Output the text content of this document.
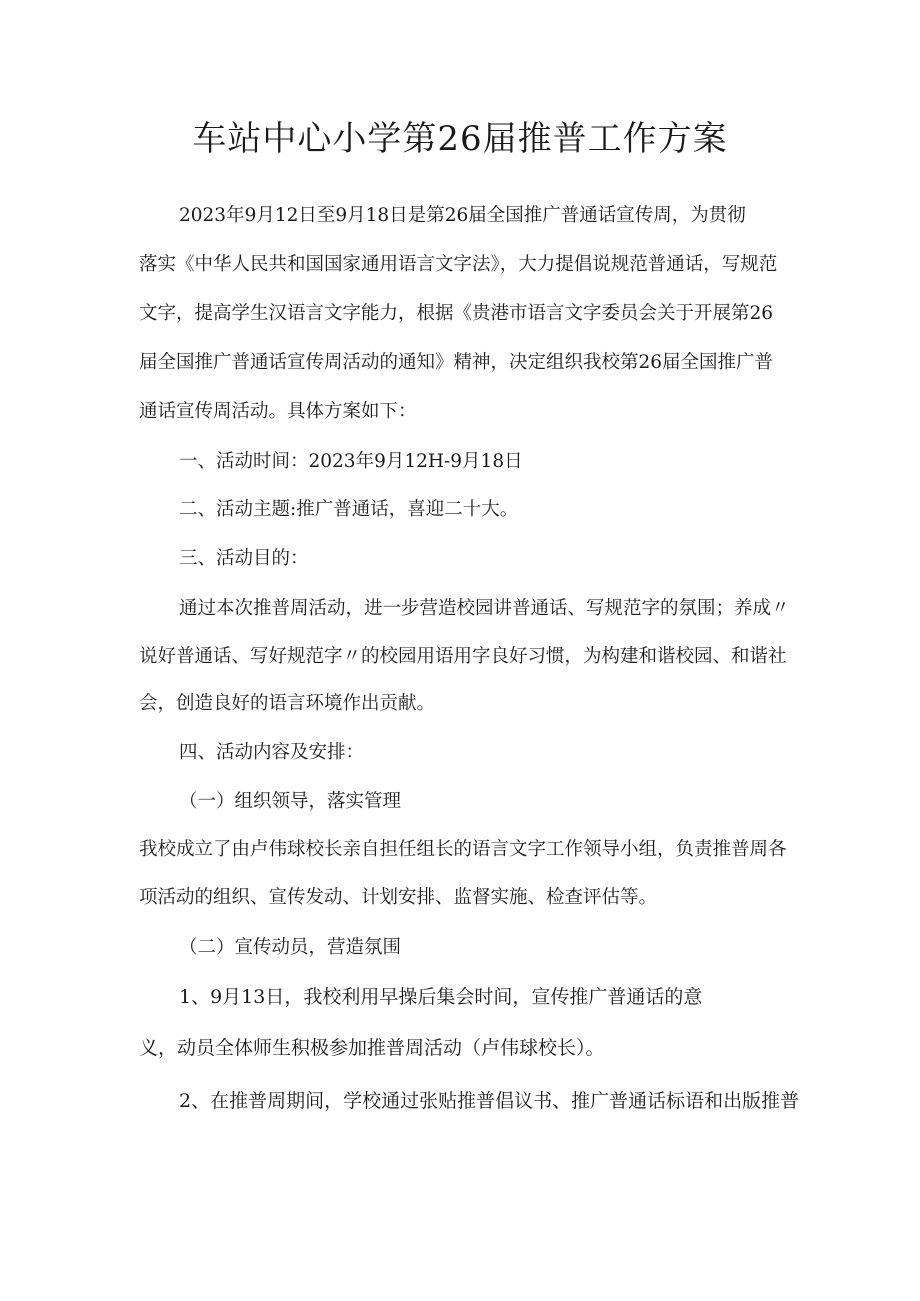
车站中心小学第26届推普工作方案
2023年9月12日至9月18日是第26届全国推广普通话宣传周，为贯彻
落实《中华人民共和国国家通用语言文字法》，大力提倡说规范普通话，写规范
文字，提高学生汉语言文字能力，根据《贵港市语言文字委员会关于开展第26
届全国推广普通话宣传周活动的通知》精神，决定组织我校第26届全国推广普
通话宣传周活动。具体方案如下：
一、活动时间：2023年9月12H-9月18日
二、活动主题:推广普通话，喜迎二十大。
三、活动目的：
通过本次推普周活动，进一步营造校园讲普通话、写规范字的氛围；养成〃
说好普通话、写好规范字〃的校园用语用字良好习惯，为构建和谐校园、和谐社
会，创造良好的语言环境作出贡献。
四、活动内容及安排：
（一）组织领导，落实管理
我校成立了由卢伟球校长亲自担任组长的语言文字工作领导小组，负责推普周各
项活动的组织、宣传发动、计划安排、监督实施、检查评估等。
（二）宣传动员，营造氛围
1、9月13日，我校利用早操后集会时间，宣传推广普通话的意
义，动员全体师生积极参加推普周活动（卢伟球校长）。
2、在推普周期间，学校通过张贴推普倡议书、推广普通话标语和出版推普
